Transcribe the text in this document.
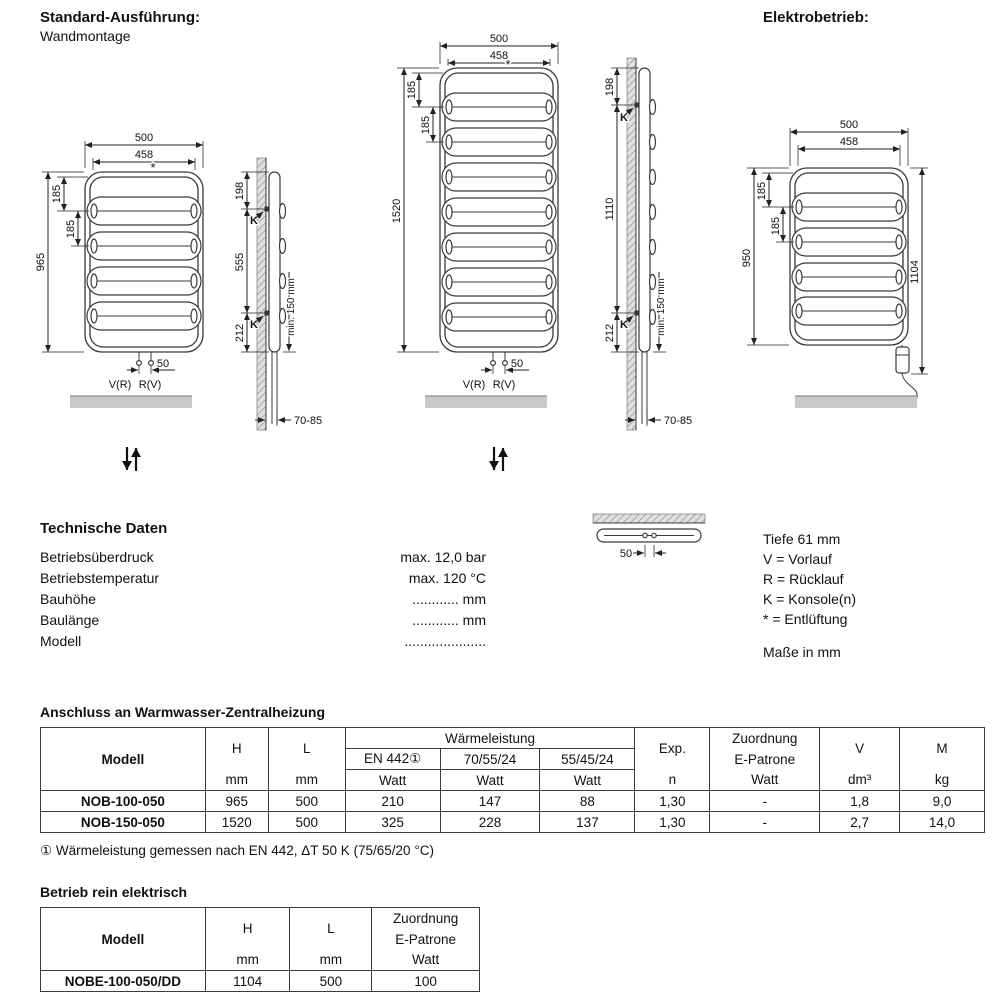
500
458
*
185
185
965
50
V(R) R(V)
198
555
212
K
K	min. 150 mm
70-85
500
458
*
185
185
1520
50
V(R) R(V)
198
1110
212
K
K	min. 150 mm
70-85
500
458
185
185
950
1104
50
Standard-Ausführung:
Wandmontage
Elektrobetrieb:
Technische Daten
Betriebsüberdruck	max. 12,0 bar
Betriebstemperatur	max. 120 °C
Bauhöhe	............ mm
Baulänge	............ mm
Modell	.....................
Tiefe 61 mm
V = Vorlauf
R = Rücklauf
K = Konsole(n)
* = Entlüftung
Maße in mm
Anschluss an Warmwasser-Zentralheizung
Modell	H	L	Wärmeleistung			Exp.	Zuordnung	V	M
			EN 442①	70/55/24	55/45/24		E-Patrone		
	mm	mm	Watt	Watt	Watt	n	Watt	dm³	kg
NOB-100-050	965	500	210	147	88	1,30	-	1,8	9,0
NOB-150-050	1520	500	325	228	137	1,30	-	2,7	14,0
① Wärmeleistung gemessen nach EN 442, ΔT 50 K (75/65/20 °C)
Betrieb rein elektrisch
Modell	H	L	Zuordnung
			E-Patrone
	mm	mm	Watt
NOBE-100-050/DD	1104	500	100
